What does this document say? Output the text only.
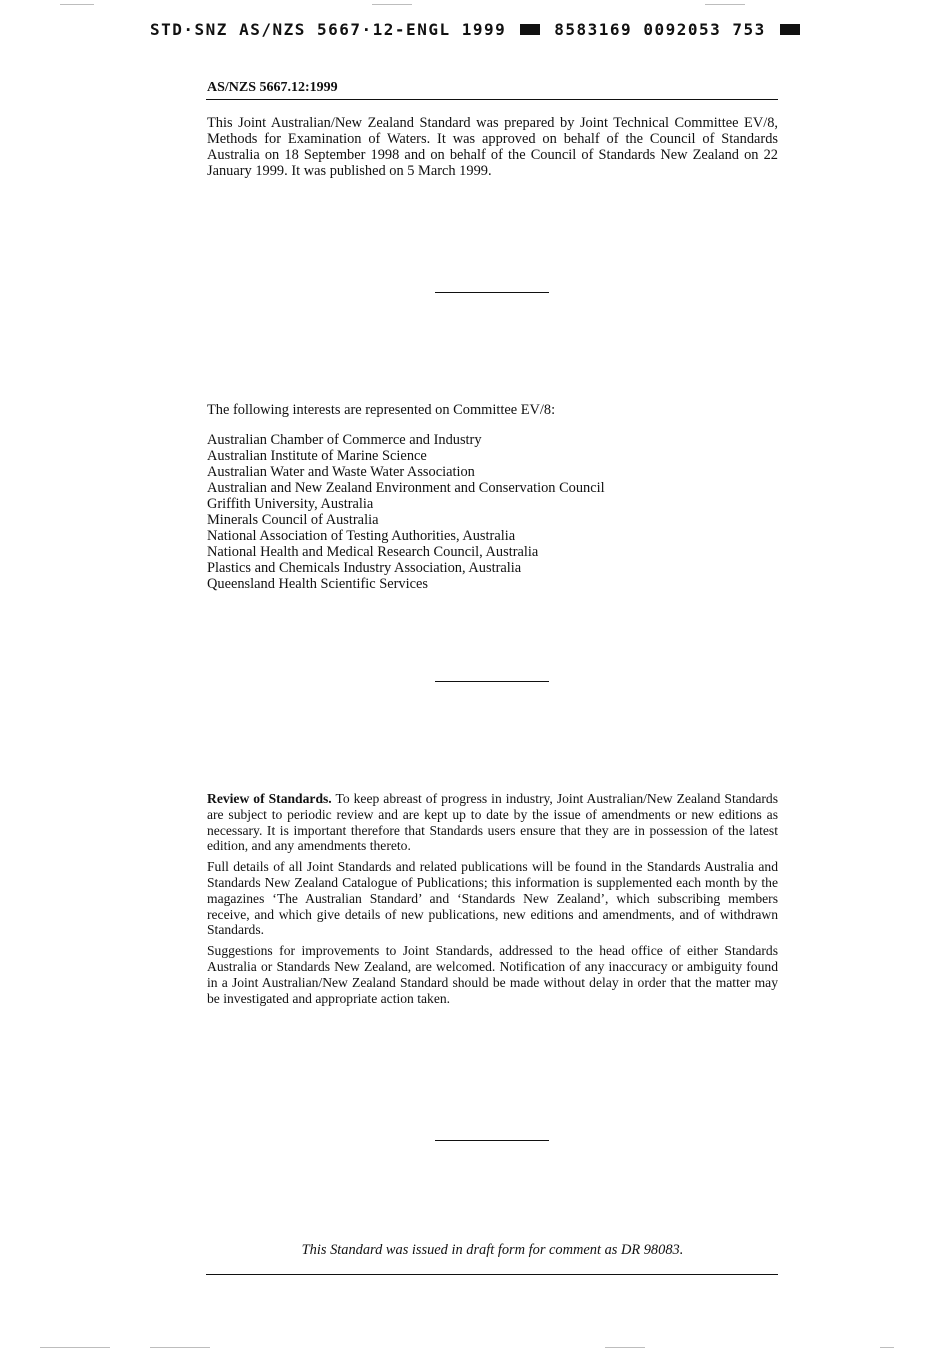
STD·SNZ AS/NZS 5667·12-ENGL 1999	8583169 0092053 753
AS/NZS 5667.12:1999
This Joint Australian/New Zealand Standard was prepared by Joint Technical Committee EV/8, Methods for Examination of Waters. It was approved on behalf of the Council of Standards Australia on 18 September 1998 and on behalf of the Council of Standards New Zealand on 22 January 1999. It was published on 5 March 1999.
The following interests are represented on Committee EV/8:
Australian Chamber of Commerce and Industry
Australian Institute of Marine Science
Australian Water and Waste Water Association
Australian and New Zealand Environment and Conservation Council
Griffith University, Australia
Minerals Council of Australia
National Association of Testing Authorities, Australia
National Health and Medical Research Council, Australia
Plastics and Chemicals Industry Association, Australia
Queensland Health Scientific Services

Review of Standards. To keep abreast of progress in industry, Joint Australian/New Zealand Standards are subject to periodic review and are kept up to date by the issue of amendments or new editions as necessary. It is important therefore that Standards users ensure that they are in possession of the latest edition, and any amendments thereto.

Full details of all Joint Standards and related publications will be found in the Standards Australia and Standards New Zealand Catalogue of Publications; this information is supplemented each month by the magazines ‘The Australian Standard’ and ‘Standards New Zealand’, which subscribing members receive, and which give details of new publications, new editions and amendments, and of withdrawn Standards.

Suggestions for improvements to Joint Standards, addressed to the head office of either Standards Australia or Standards New Zealand, are welcomed. Notification of any inaccuracy or ambiguity found in a Joint Australian/New Zealand Standard should be made without delay in order that the matter may be investigated and appropriate action taken.

This Standard was issued in draft form for comment as DR 98083.
